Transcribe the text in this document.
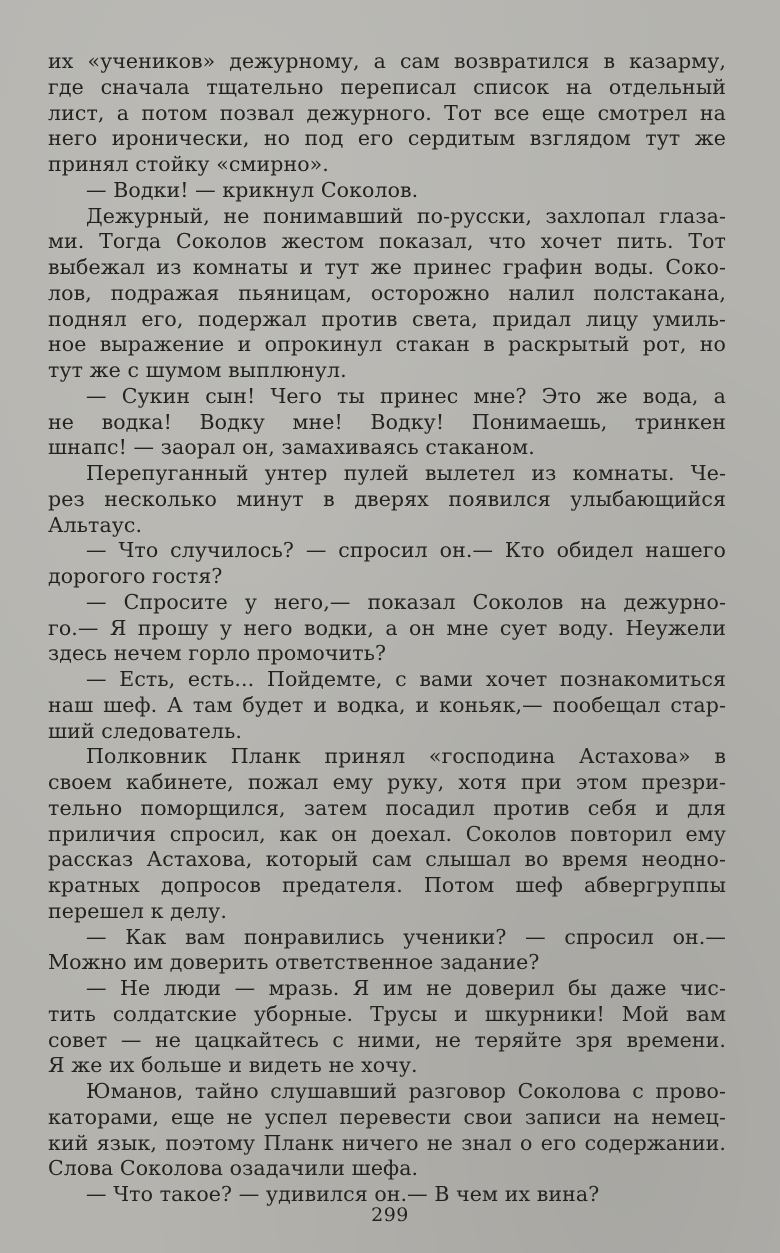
их «учеников» дежурному, а сам возвратился в казарму,
где сначала тщательно переписал список на отдельный
лист, а потом позвал дежурного. Тот все еще смотрел на
него иронически, но под его сердитым взглядом тут же
принял стойку «смирно».
— Водки! — крикнул Соколов.
Дежурный, не понимавший по-русски, захлопал глаза-
ми. Тогда Соколов жестом показал, что хочет пить. Тот
выбежал из комнаты и тут же принес графин воды. Соко-
лов, подражая пьяницам, осторожно налил полстакана,
поднял его, подержал против света, придал лицу умиль-
ное выражение и опрокинул стакан в раскрытый рот, но
тут же с шумом выплюнул.
— Сукин сын! Чего ты принес мне? Это же вода, а
не водка! Водку мне! Водку! Понимаешь, тринкен
шнапс! — заорал он, замахиваясь стаканом.
Перепуганный унтер пулей вылетел из комнаты. Че-
рез несколько минут в дверях появился улыбающийся
Альтаус.
— Что случилось? — спросил он.— Кто обидел нашего
дорогого гостя?
— Спросите у него,— показал Соколов на дежурно-
го.— Я прошу у него водки, а он мне сует воду. Неужели
здесь нечем горло промочить?
— Есть, есть... Пойдемте, с вами хочет познакомиться
наш шеф. А там будет и водка, и коньяк,— пообещал стар-
ший следователь.
Полковник Планк принял «господина Астахова» в
своем кабинете, пожал ему руку, хотя при этом презри-
тельно поморщился, затем посадил против себя и для
приличия спросил, как он доехал. Соколов повторил ему
рассказ Астахова, который сам слышал во время неодно-
кратных допросов предателя. Потом шеф абвергруппы
перешел к делу.
— Как вам понравились ученики? — спросил он.—
Можно им доверить ответственное задание?
— Не люди — мразь. Я им не доверил бы даже чис-
тить солдатские уборные. Трусы и шкурники! Мой вам
совет — не цацкайтесь с ними, не теряйте зря времени.
Я же их больше и видеть не хочу.
Юманов, тайно слушавший разговор Соколова с прово-
каторами, еще не успел перевести свои записи на немец-
кий язык, поэтому Планк ничего не знал о его содержании.
Слова Соколова озадачили шефа.
— Что такое? — удивился он.— В чем их вина?
299
